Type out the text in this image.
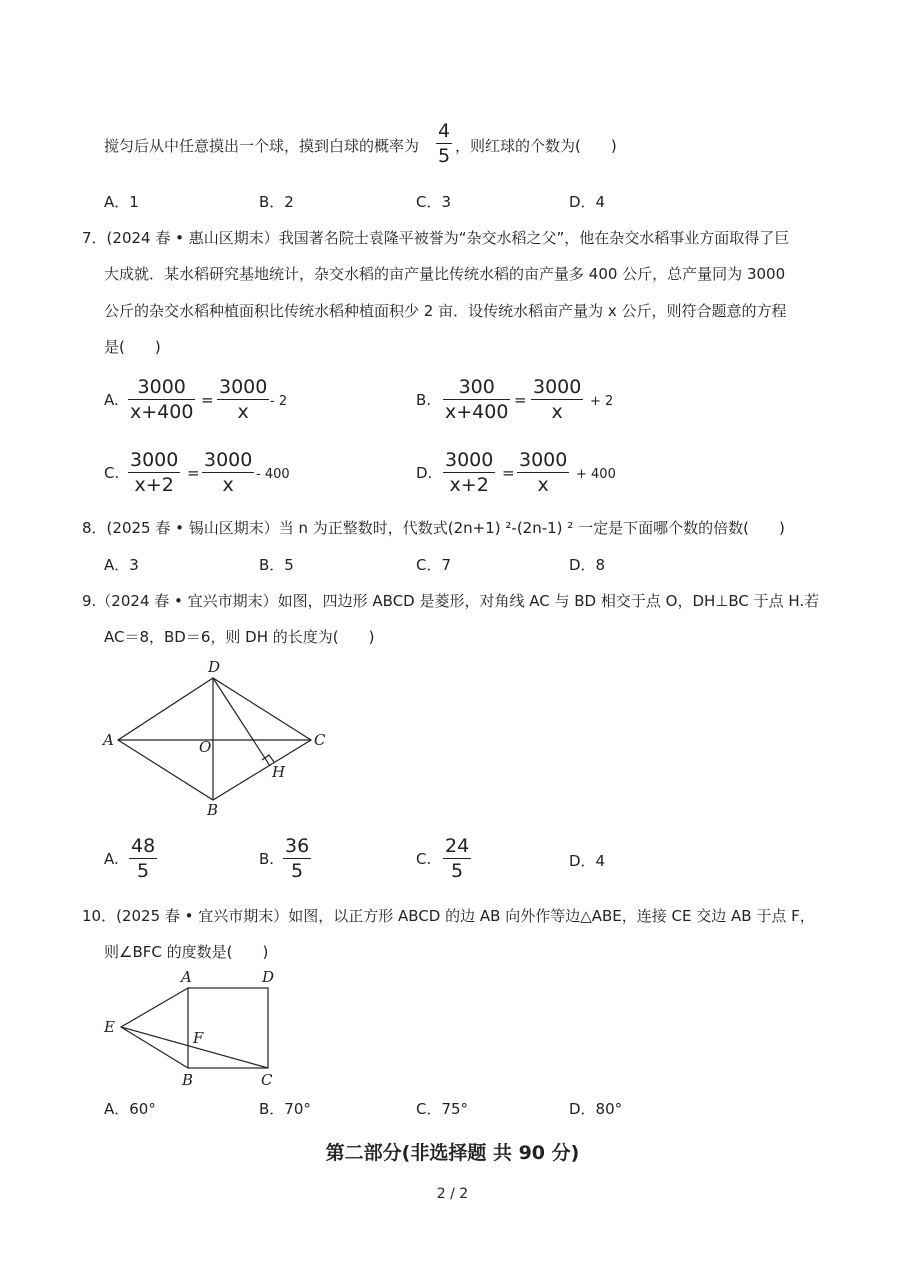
搅匀后从中任意摸出一个球，摸到白球的概率为
4
5 ，则红球的个数为(　　)
A．1	B．2	C．3	D．4
7．(2024 春 • 惠山区期末）我国著名院士袁隆平被誉为“杂交水稻之父”，他在杂交水稻事业方面取得了巨
大成就．某水稻研究基地统计，杂交水稻的亩产量比传统水稻的亩产量多 400 公斤，总产量同为 3000
公斤的杂交水稻种植面积比传统水稻种植面积少 2 亩．设传统水稻亩产量为 x 公斤，则符合题意的方程
是(　　)
A.
3000
x+400
=
3000
x - 2	B.
300
x+400
=
3000
x + 2
C.
3000
x+2
=
3000
x - 400	D.
3000
x+2
=
3000
x + 400
8．(2025 春 • 锡山区期末）当 n 为正整数时，代数式(2n+1) ²-(2n-1) ² 一定是下面哪个数的倍数(　　)
A．3	B．5	C．7	D．8
9.（2024 春 • 宜兴市期末）如图，四边形 ABCD 是菱形，对角线 AC 与 BD 相交于点 O，DH⊥BC 于点 H.若
AC＝8，BD＝6，则 DH 的长度为(　　)
A
D
C
B
O
H
A.
48
5
B.
36
5
C.
24
5	D．4
10．(2025 春 • 宜兴市期末）如图，以正方形 ABCD 的边 AB 向外作等边△ABE，连接 CE 交边 AB 于点 F，
则∠BFC 的度数是(　　)
A	D
E
F
B	C
A．60°	B．70°	C．75°	D．80°
第二部分(非选择题 共 90 分)
2 / 2
